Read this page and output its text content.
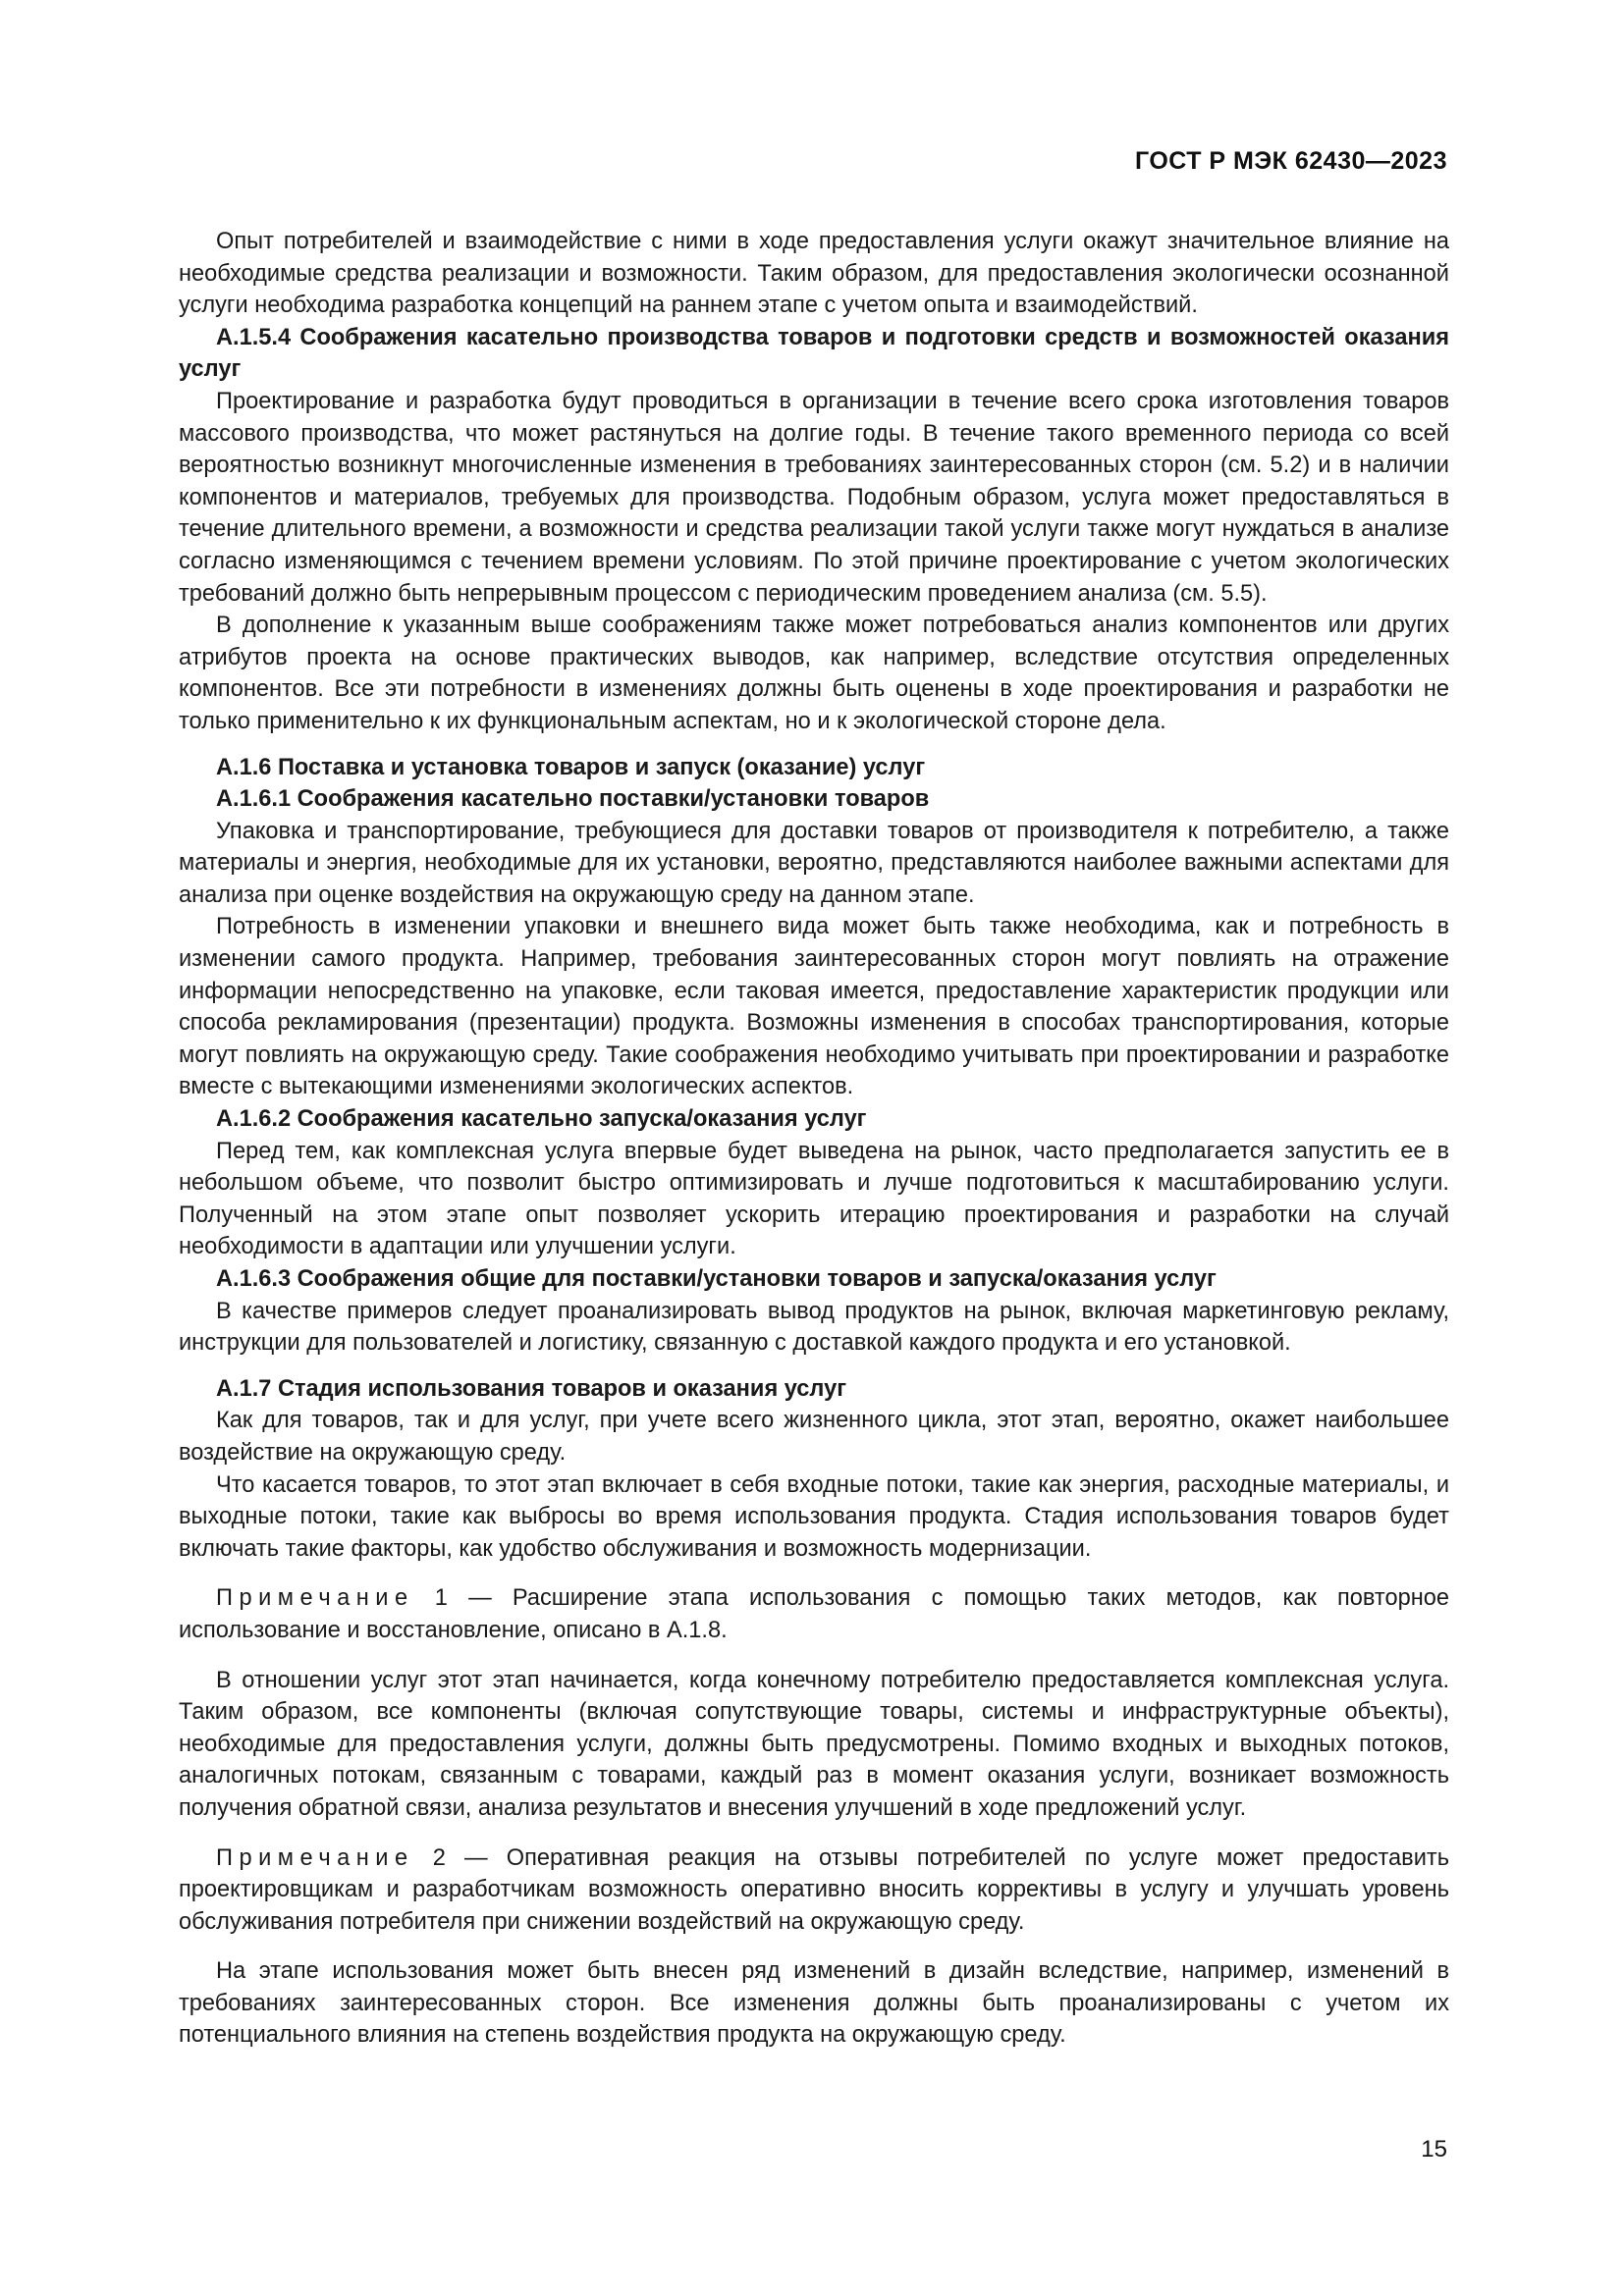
ГОСТ Р МЭК 62430—2023

Опыт потребителей и взаимодействие с ними в ходе предоставления услуги окажут значительное влияние на необходимые средства реализации и возможности. Таким образом, для предоставления экологически осознанной услуги необходима разработка концепций на раннем этапе с учетом опыта и взаимодействий.

А.1.5.4 Соображения касательно производства товаров и подготовки средств и возможностей оказания услуг

Проектирование и разработка будут проводиться в организации в течение всего срока изготовления товаров массового производства, что может растянуться на долгие годы. В течение такого временного периода со всей вероятностью возникнут многочисленные изменения в требованиях заинтересованных сторон (см. 5.2) и в наличии компонентов и материалов, требуемых для производства. Подобным образом, услуга может предоставляться в течение длительного времени, а возможности и средства реализации такой услуги также могут нуждаться в анализе согласно изменяющимся с течением времени условиям. По этой причине проектирование с учетом экологических требований должно быть непрерывным процессом с периодическим проведением анализа (см. 5.5).

В дополнение к указанным выше соображениям также может потребоваться анализ компонентов или других атрибутов проекта на основе практических выводов, как например, вследствие отсутствия определенных компонентов. Все эти потребности в изменениях должны быть оценены в ходе проектирования и разработки не только применительно к их функциональным аспектам, но и к экологической стороне дела.

А.1.6 Поставка и установка товаров и запуск (оказание) услуг

А.1.6.1 Соображения касательно поставки/установки товаров

Упаковка и транспортирование, требующиеся для доставки товаров от производителя к потребителю, а также материалы и энергия, необходимые для их установки, вероятно, представляются наиболее важными аспектами для анализа при оценке воздействия на окружающую среду на данном этапе.

Потребность в изменении упаковки и внешнего вида может быть также необходима, как и потребность в изменении самого продукта. Например, требования заинтересованных сторон могут повлиять на отражение информации непосредственно на упаковке, если таковая имеется, предоставление характеристик продукции или способа рекламирования (презентации) продукта. Возможны изменения в способах транспортирования, которые могут повлиять на окружающую среду. Такие соображения необходимо учитывать при проектировании и разработке вместе с вытекающими изменениями экологических аспектов.

А.1.6.2 Соображения касательно запуска/оказания услуг

Перед тем, как комплексная услуга впервые будет выведена на рынок, часто предполагается запустить ее в небольшом объеме, что позволит быстро оптимизировать и лучше подготовиться к масштабированию услуги. Полученный на этом этапе опыт позволяет ускорить итерацию проектирования и разработки на случай необходимости в адаптации или улучшении услуги.

А.1.6.3 Соображения общие для поставки/установки товаров и запуска/оказания услуг

В качестве примеров следует проанализировать вывод продуктов на рынок, включая маркетинговую рекламу, инструкции для пользователей и логистику, связанную с доставкой каждого продукта и его установкой.

А.1.7 Стадия использования товаров и оказания услуг

Как для товаров, так и для услуг, при учете всего жизненного цикла, этот этап, вероятно, окажет наибольшее воздействие на окружающую среду.

Что касается товаров, то этот этап включает в себя входные потоки, такие как энергия, расходные материалы, и выходные потоки, такие как выбросы во время использования продукта. Стадия использования товаров будет включать такие факторы, как удобство обслуживания и возможность модернизации.

Примечание 1 — Расширение этапа использования с помощью таких методов, как повторное использование и восстановление, описано в А.1.8.

В отношении услуг этот этап начинается, когда конечному потребителю предоставляется комплексная услуга. Таким образом, все компоненты (включая сопутствующие товары, системы и инфраструктурные объекты), необходимые для предоставления услуги, должны быть предусмотрены. Помимо входных и выходных потоков, аналогичных потокам, связанным с товарами, каждый раз в момент оказания услуги, возникает возможность получения обратной связи, анализа результатов и внесения улучшений в ходе предложений услуг.

Примечание 2 — Оперативная реакция на отзывы потребителей по услуге может предоставить проектировщикам и разработчикам возможность оперативно вносить коррективы в услугу и улучшать уровень обслуживания потребителя при снижении воздействий на окружающую среду.

На этапе использования может быть внесен ряд изменений в дизайн вследствие, например, изменений в требованиях заинтересованных сторон. Все изменения должны быть проанализированы с учетом их потенциального влияния на степень воздействия продукта на окружающую среду.

15
